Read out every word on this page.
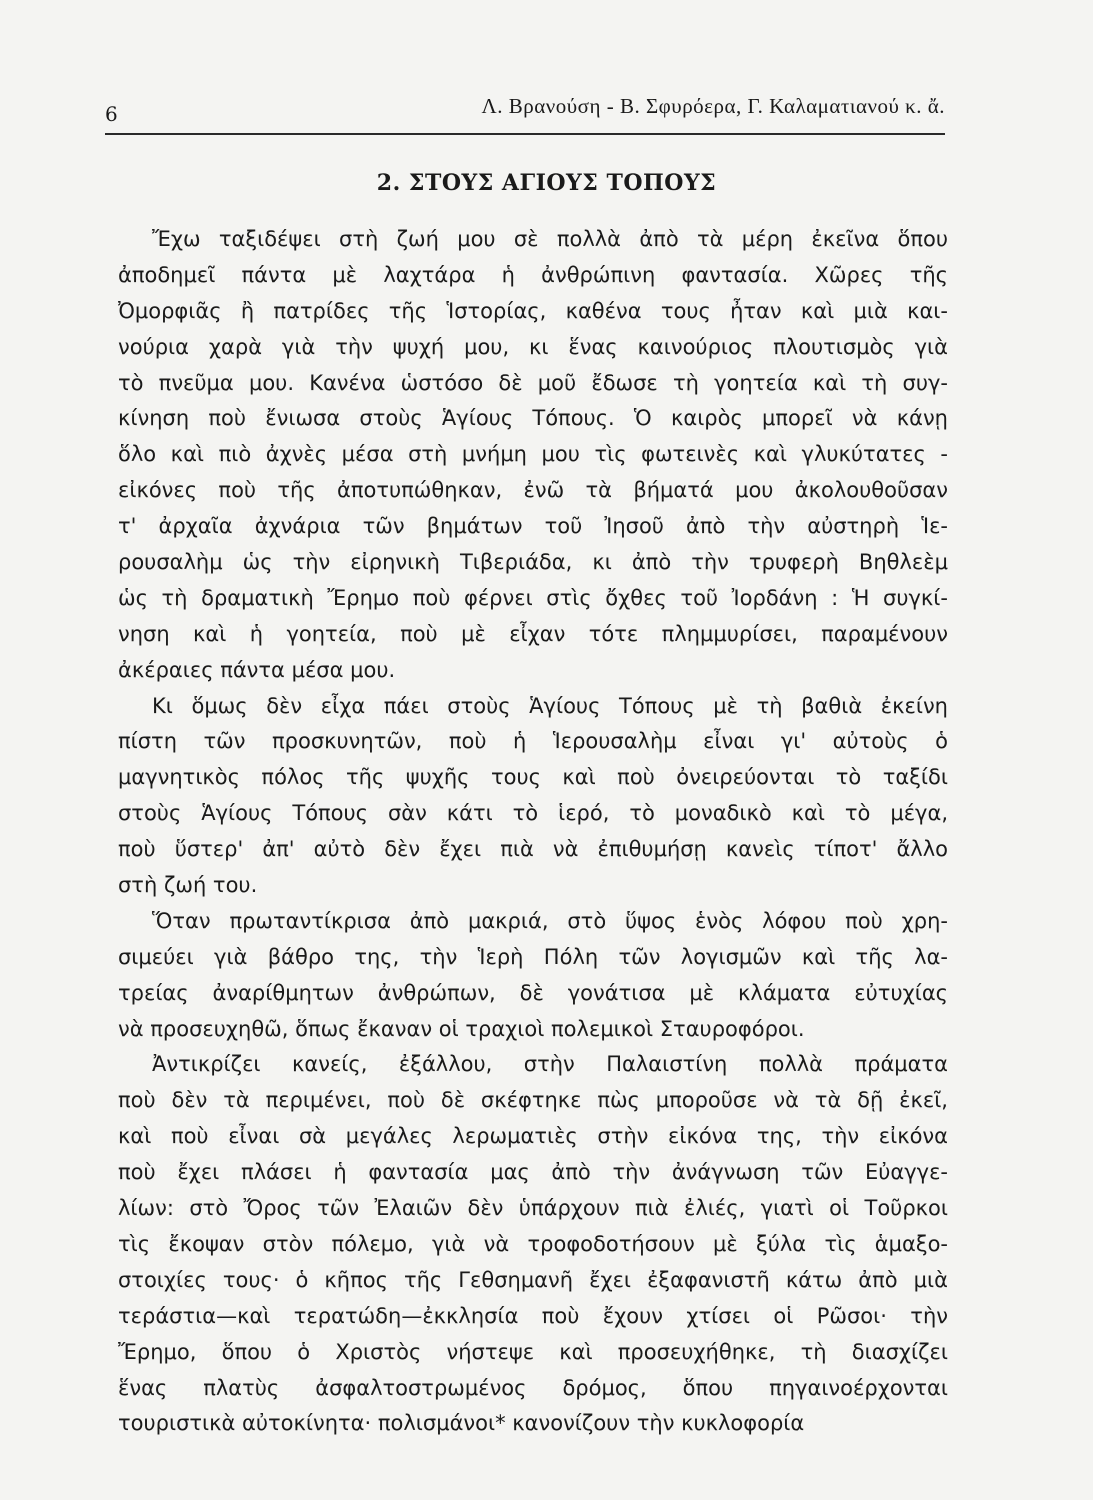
6	Λ. Βρανούση - Β. Σφυρόερα, Γ. Καλαματιανού κ. ἄ.
2. ΣΤΟΥΣ ΑΓΙΟΥΣ ΤΟΠΟΥΣ
Ἔχω ταξιδέψει στὴ ζωή μου σὲ πολλὰ ἀπὸ τὰ μέρη ἐκεῖνα ὅπου
ἀποδημεῖ πάντα μὲ λαχτάρα ἡ ἀνθρώπινη φαντασία. Χῶρες τῆς
Ὀμορφιᾶς ἢ πατρίδες τῆς Ἱστορίας, καθένα τους ἦταν καὶ μιὰ και-
νούρια χαρὰ γιὰ τὴν ψυχή μου, κι ἕνας καινούριος πλουτισμὸς γιὰ
τὸ πνεῦμα μου. Κανένα ὡστόσο δὲ μοῦ ἔδωσε τὴ γοητεία καὶ τὴ συγ-
κίνηση ποὺ ἔνιωσα στοὺς Ἁγίους Τόπους. Ὁ καιρὸς μπορεῖ νὰ κάνῃ
ὅλο καὶ πιὸ ἀχνὲς μέσα στὴ μνήμη μου τὶς φωτεινὲς καὶ γλυκύτατες -
εἰκόνες ποὺ τῆς ἀποτυπώθηκαν, ἐνῶ τὰ βήματά μου ἀκολουθοῦσαν
τ' ἀρχαῖα ἀχνάρια τῶν βημάτων τοῦ Ἰησοῦ ἀπὸ τὴν αὐστηρὴ Ἱε-
ρουσαλὴμ ὡς τὴν εἰρηνικὴ Τιβεριάδα, κι ἀπὸ τὴν τρυφερὴ Βηθλεὲμ
ὡς τὴ δραματικὴ Ἔρημο ποὺ φέρνει στὶς ὄχθες τοῦ Ἰορδάνη : Ἡ συγκί-
νηση καὶ ἡ γοητεία, ποὺ μὲ εἶχαν τότε πλημμυρίσει, παραμένουν
ἀκέραιες πάντα μέσα μου.
Κι ὅμως δὲν εἶχα πάει στοὺς Ἁγίους Τόπους μὲ τὴ βαθιὰ ἐκείνη
πίστη τῶν προσκυνητῶν, ποὺ ἡ Ἱερουσαλὴμ εἶναι γι' αὐτοὺς ὁ
μαγνητικὸς πόλος τῆς ψυχῆς τους καὶ ποὺ ὀνειρεύονται τὸ ταξίδι
στοὺς Ἁγίους Τόπους σὰν κάτι τὸ ἱερό, τὸ μοναδικὸ καὶ τὸ μέγα,
ποὺ ὕστερ' ἀπ' αὐτὸ δὲν ἔχει πιὰ νὰ ἐπιθυμήσῃ κανεὶς τίποτ' ἄλλο
στὴ ζωή του.
Ὅταν πρωταντίκρισα ἀπὸ μακριά, στὸ ὕψος ἑνὸς λόφου ποὺ χρη-
σιμεύει γιὰ βάθρο της, τὴν Ἱερὴ Πόλη τῶν λογισμῶν καὶ τῆς λα-
τρείας ἀναρίθμητων ἀνθρώπων, δὲ γονάτισα μὲ κλάματα εὐτυχίας
νὰ προσευχηθῶ, ὅπως ἔκαναν οἱ τραχιοὶ πολεμικοὶ Σταυροφόροι.
Ἀντικρίζει κανείς, ἐξάλλου, στὴν Παλαιστίνη πολλὰ πράματα
ποὺ δὲν τὰ περιμένει, ποὺ δὲ σκέφτηκε πὼς μποροῦσε νὰ τὰ δῇ ἐκεῖ,
καὶ ποὺ εἶναι σὰ μεγάλες λερωματιὲς στὴν εἰκόνα της, τὴν εἰκόνα
ποὺ ἔχει πλάσει ἡ φαντασία μας ἀπὸ τὴν ἀνάγνωση τῶν Εὐαγγε-
λίων: στὸ Ὄρος τῶν Ἐλαιῶν δὲν ὑπάρχουν πιὰ ἐλιές, γιατὶ οἱ Τοῦρκοι
τὶς ἔκοψαν στὸν πόλεμο, γιὰ νὰ τροφοδοτήσουν μὲ ξύλα τὶς ἁμαξο-
στοιχίες τους· ὁ κῆπος τῆς Γεθσημανῆ ἔχει ἐξαφανιστῆ κάτω ἀπὸ μιὰ
τεράστια—καὶ τερατώδη—ἐκκλησία ποὺ ἔχουν χτίσει οἱ Ρῶσοι· τὴν
Ἔρημο, ὅπου ὁ Χριστὸς νήστεψε καὶ προσευχήθηκε, τὴ διασχίζει
ἕνας πλατὺς ἀσφαλτοστρωμένος δρόμος, ὅπου πηγαινοέρχονται
τουριστικὰ αὐτοκίνητα· πολισμάνοι* κανονίζουν τὴν κυκλοφορία
